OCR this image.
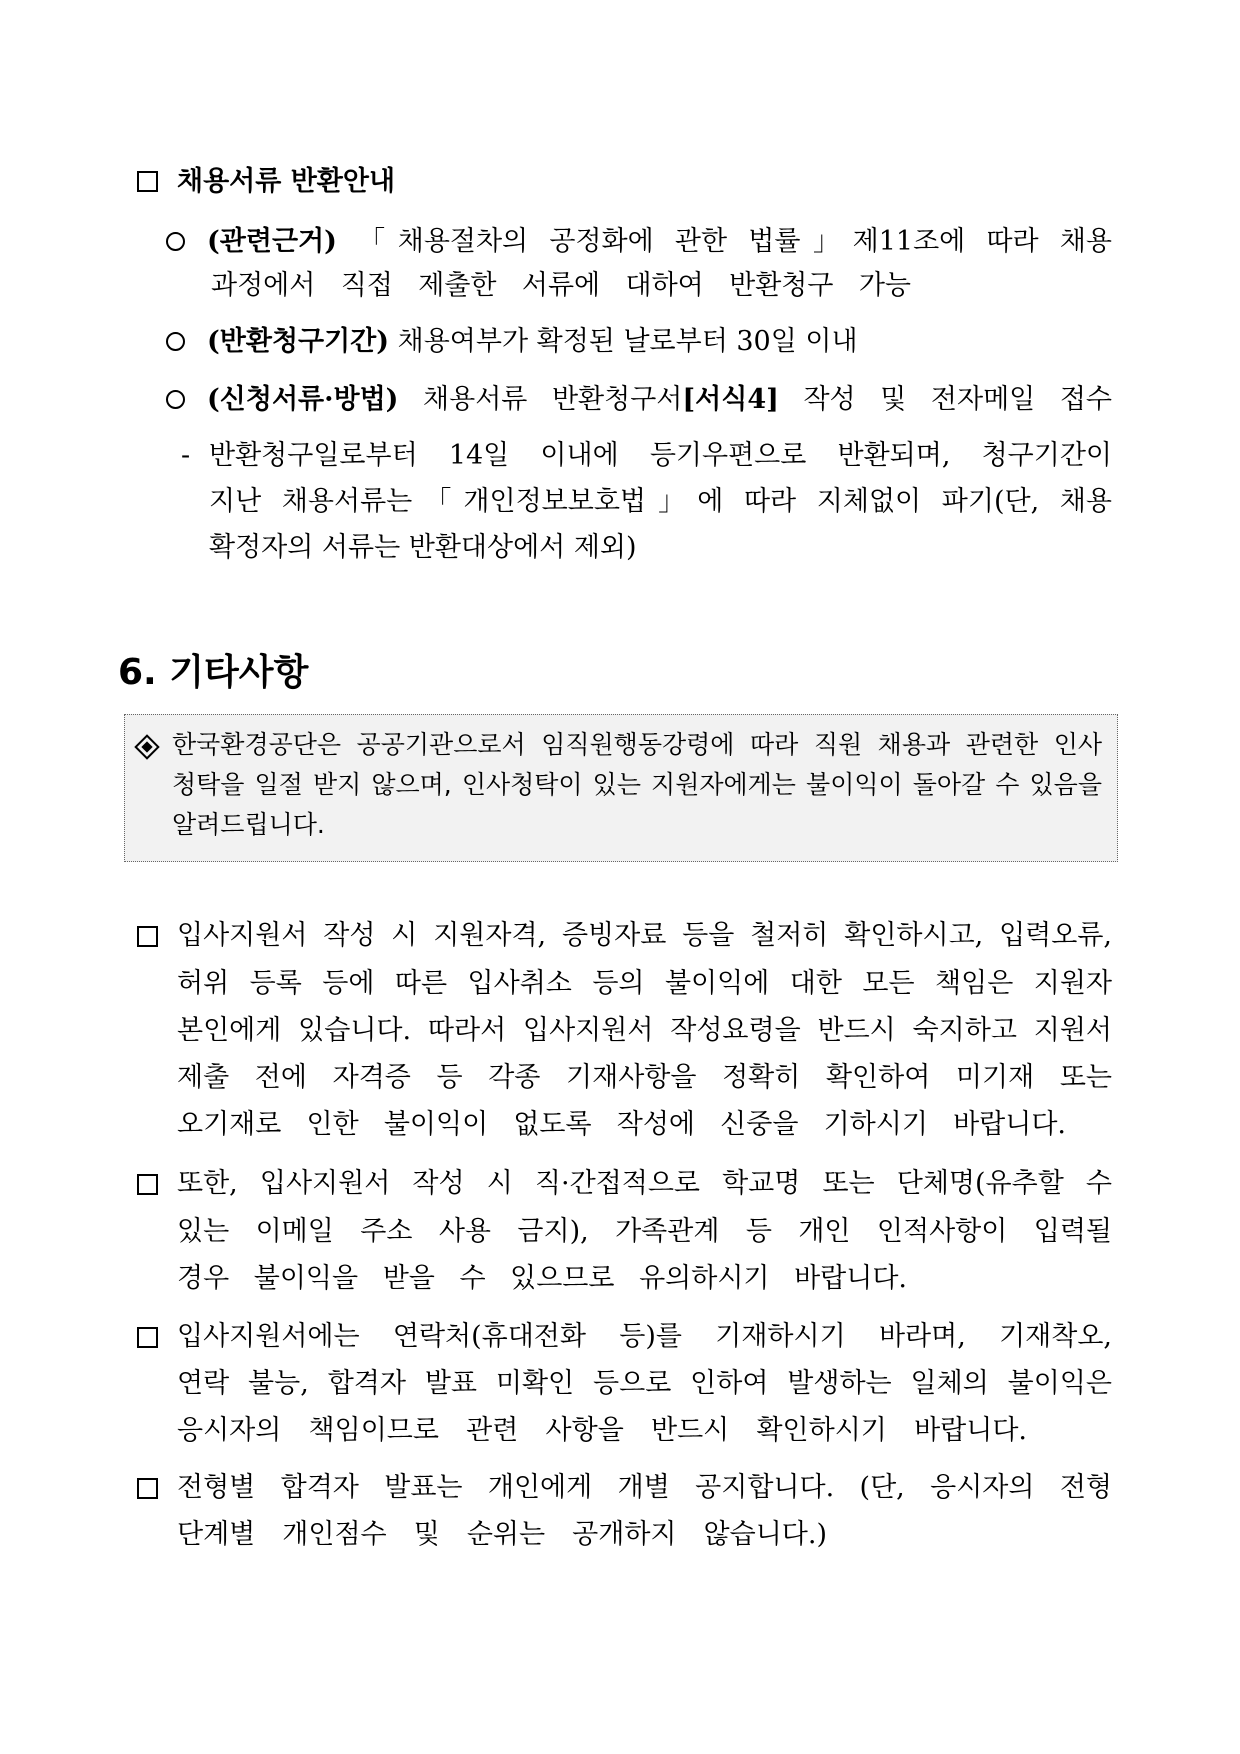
채용서류 반환안내
(관련근거) 「채용절차의 공정화에 관한 법률」제11조에 따라 채용
과정에서 직접 제출한 서류에 대하여 반환청구 가능
(반환청구기간) 채용여부가 확정된 날로부터 30일 이내
(신청서류·방법) 채용서류 반환청구서[서식4] 작성 및 전자메일 접수
- 반환청구일로부터 14일 이내에 등기우편으로 반환되며, 청구기간이
지난 채용서류는「개인정보보호법」에 따라 지체없이 파기(단, 채용
확정자의 서류는 반환대상에서 제외)
6. 기타사항
한국환경공단은 공공기관으로서 임직원행동강령에 따라 직원 채용과 관련한 인사
청탁을 일절 받지 않으며, 인사청탁이 있는 지원자에게는 불이익이 돌아갈 수 있음을
알려드립니다.
입사지원서 작성 시 지원자격, 증빙자료 등을 철저히 확인하시고, 입력오류,
허위 등록 등에 따른 입사취소 등의 불이익에 대한 모든 책임은 지원자
본인에게 있습니다. 따라서 입사지원서 작성요령을 반드시 숙지하고 지원서
제출 전에 자격증 등 각종 기재사항을 정확히 확인하여 미기재 또는
오기재로 인한 불이익이 없도록 작성에 신중을 기하시기 바랍니다.
또한, 입사지원서 작성 시 직·간접적으로 학교명 또는 단체명(유추할 수
있는 이메일 주소 사용 금지), 가족관계 등 개인 인적사항이 입력될
경우 불이익을 받을 수 있으므로 유의하시기 바랍니다.
입사지원서에는 연락처(휴대전화 등)를 기재하시기 바라며, 기재착오,
연락 불능, 합격자 발표 미확인 등으로 인하여 발생하는 일체의 불이익은
응시자의 책임이므로 관련 사항을 반드시 확인하시기 바랍니다.
전형별 합격자 발표는 개인에게 개별 공지합니다. (단, 응시자의 전형
단계별 개인점수 및 순위는 공개하지 않습니다.)
